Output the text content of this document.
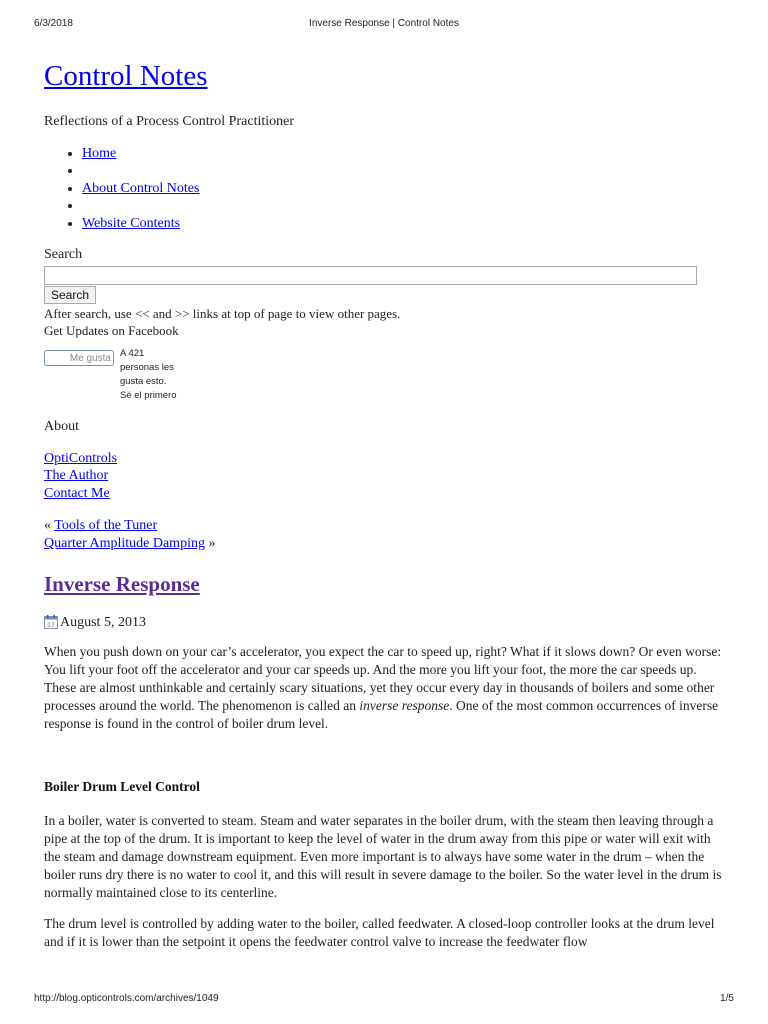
6/3/2018	Inverse Response | Control Notes
Control Notes
Reflections of a Process Control Practitioner
• Home
•
• About Control Notes
•
• Website Contents
Search
Search
After search, use << and >> links at top of page to view other pages.
Get Updates on Facebook
Me gusta A 421
personas les
gusta esto.
Sé el primero
About
OptiControls
The Author
Contact Me
« Tools of the Tuner
Quarter Amplitude Damping »
Inverse Response
17 August 5, 2013

When you push down on your car’s accelerator, you expect the car to speed up, right? What if it slows down? Or even worse: You lift your foot off the accelerator and your car speeds up. And the more you lift your foot, the more the car speeds up. These are almost unthinkable and certainly scary situations, yet they occur every day in thousands of boilers and some other processes around the world. The phenomenon is called an inverse response. One of the most common occurrences of inverse response is found in the control of boiler drum level.

Boiler Drum Level Control

In a boiler, water is converted to steam. Steam and water separates in the boiler drum, with the steam then leaving through a pipe at the top of the drum. It is important to keep the level of water in the drum away from this pipe or water will exit with the steam and damage downstream equipment. Even more important is to always have some water in the drum – when the boiler runs dry there is no water to cool it, and this will result in severe damage to the boiler. So the water level in the drum is normally maintained close to its centerline.

The drum level is controlled by adding water to the boiler, called feedwater. A closed-loop controller looks at the drum level and if it is lower than the setpoint it opens the feedwater control valve to increase the feedwater flow

http://blog.opticontrols.com/archives/1049	1/5
